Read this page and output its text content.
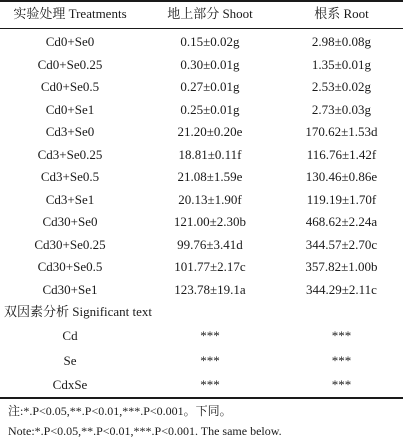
实验处理 Treatments	地上部分 Shoot	根系 Root
Cd0+Se0	0.15±0.02g	2.98±0.08g
Cd0+Se0.25	0.30±0.01g	1.35±0.01g
Cd0+Se0.5	0.27±0.01g	2.53±0.02g
Cd0+Se1	0.25±0.01g	2.73±0.03g
Cd3+Se0	21.20±0.20e	170.62±1.53d
Cd3+Se0.25	18.81±0.11f	116.76±1.42f
Cd3+Se0.5	21.08±1.59e	130.46±0.86e
Cd3+Se1	20.13±1.90f	119.19±1.70f
Cd30+Se0	121.00±2.30b	468.62±2.24a
Cd30+Se0.25	99.76±3.41d	344.57±2.70c
Cd30+Se0.5	101.77±2.17c	357.82±1.00b
Cd30+Se1	123.78±19.1a	344.29±2.11c
双因素分析 Significant text
Cd	***	***
Se	***	***
CdxSe	***	***
注:*.P<0.05,**.P<0.01,***.P<0.001。下同。
Note:*.P<0.05,**.P<0.01,***.P<0.001. The same below.
